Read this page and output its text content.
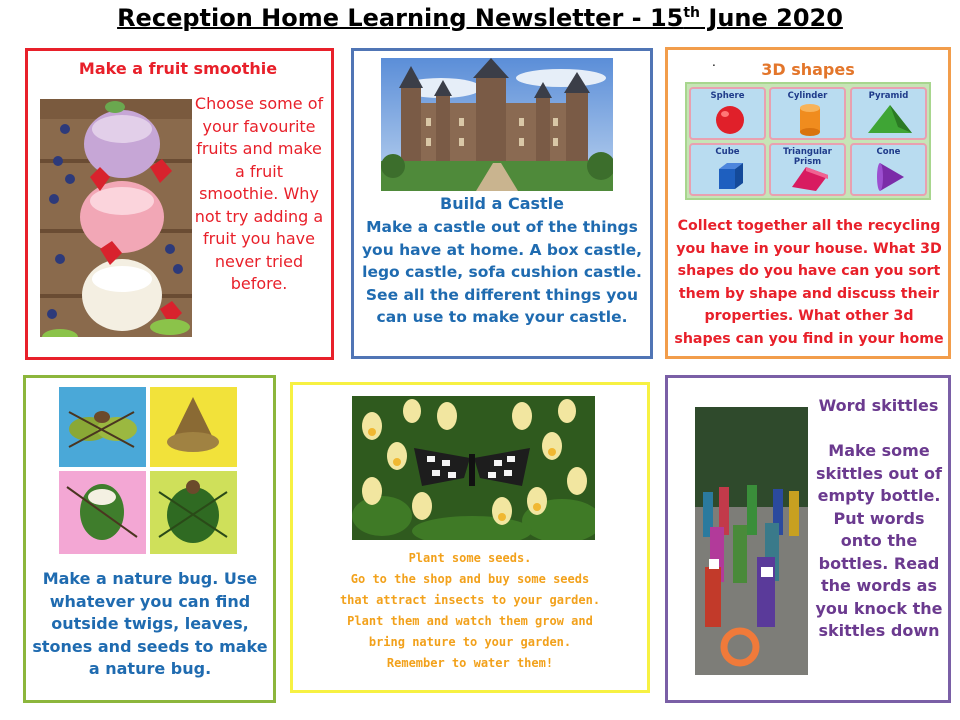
Reception Home Learning Newsletter - 15th June 2020
Make a fruit smoothie
Choose some of your favourite fruits and make a fruit smoothie. Why not try adding a fruit you have never tried before.
Build a Castle
Make a castle out of the things you have at home. A box castle, lego castle, sofa cushion castle. See all the different things you can use to make your castle.
.	3D shapes
Sphere	Cylinder	Pyramid
Cube	Triangular Prism
Cone
Collect together all the recycling you have in your house. What 3D shapes do you have can you sort them by shape and discuss their properties. What other 3d shapes can you find in your home
Make a nature bug. Use whatever you can find outside twigs, leaves, stones and seeds to make a nature bug.
Plant some seeds.
Go to the shop and buy some seeds
that attract insects to your garden.
Plant them and watch them grow and
bring nature to your garden.
Remember to water them!
Word skittles
Make some skittles out of empty bottle. Put words onto the bottles. Read the words as you knock the skittles down
